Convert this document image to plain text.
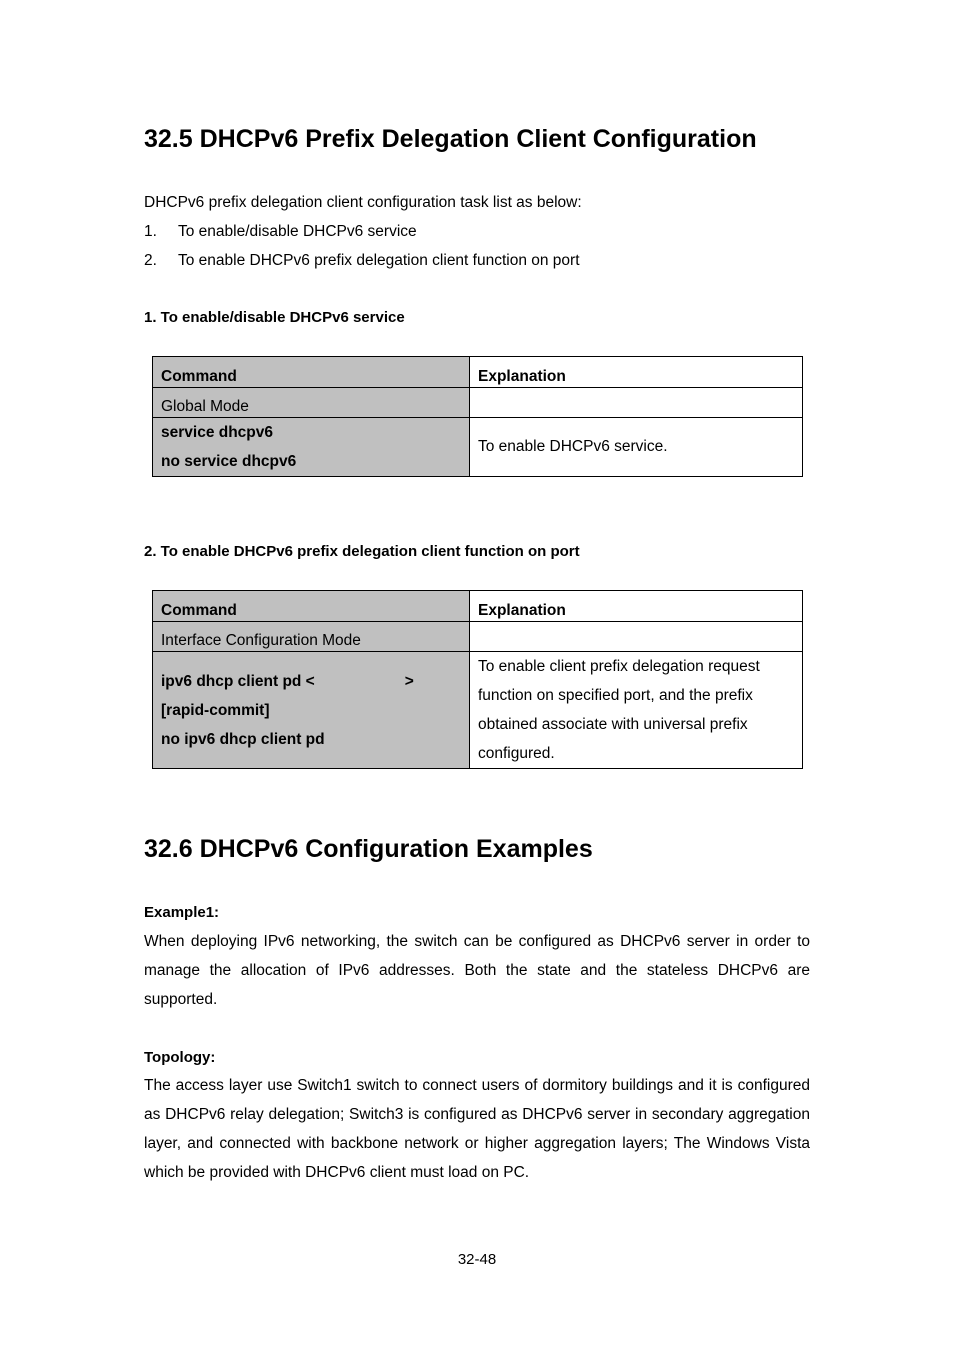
32.5 DHCPv6 Prefix Delegation Client Configuration

DHCPv6 prefix delegation client configuration task list as below:

1. To enable/disable DHCPv6 service

2. To enable DHCPv6 prefix delegation client function on port

1. To enable/disable DHCPv6 service

Command	Explanation
Global Mode	

service dhcpv6
no service dhcpv6	To enable DHCPv6 service.

2. To enable DHCPv6 prefix delegation client function on port

Command	Explanation
Interface Configuration Mode	

ipv6 dhcp client pd < >
[rapid-commit]
no ipv6 dhcp client pd	To enable client prefix delegation request
function on specified port, and the prefix
obtained associate with universal prefix
configured.
32.6 DHCPv6 Configuration Examples

Example1:

When deploying IPv6 networking, the switch can be configured as DHCPv6 server in order to manage the allocation of IPv6 addresses. Both the state and the stateless DHCPv6 are supported.

Topology:

The access layer use Switch1 switch to connect users of dormitory buildings and it is configured as DHCPv6 relay delegation; Switch3 is configured as DHCPv6 server in secondary aggregation layer, and connected with backbone network or higher aggregation layers; The Windows Vista which be provided with DHCPv6 client must load on PC.

32-48
